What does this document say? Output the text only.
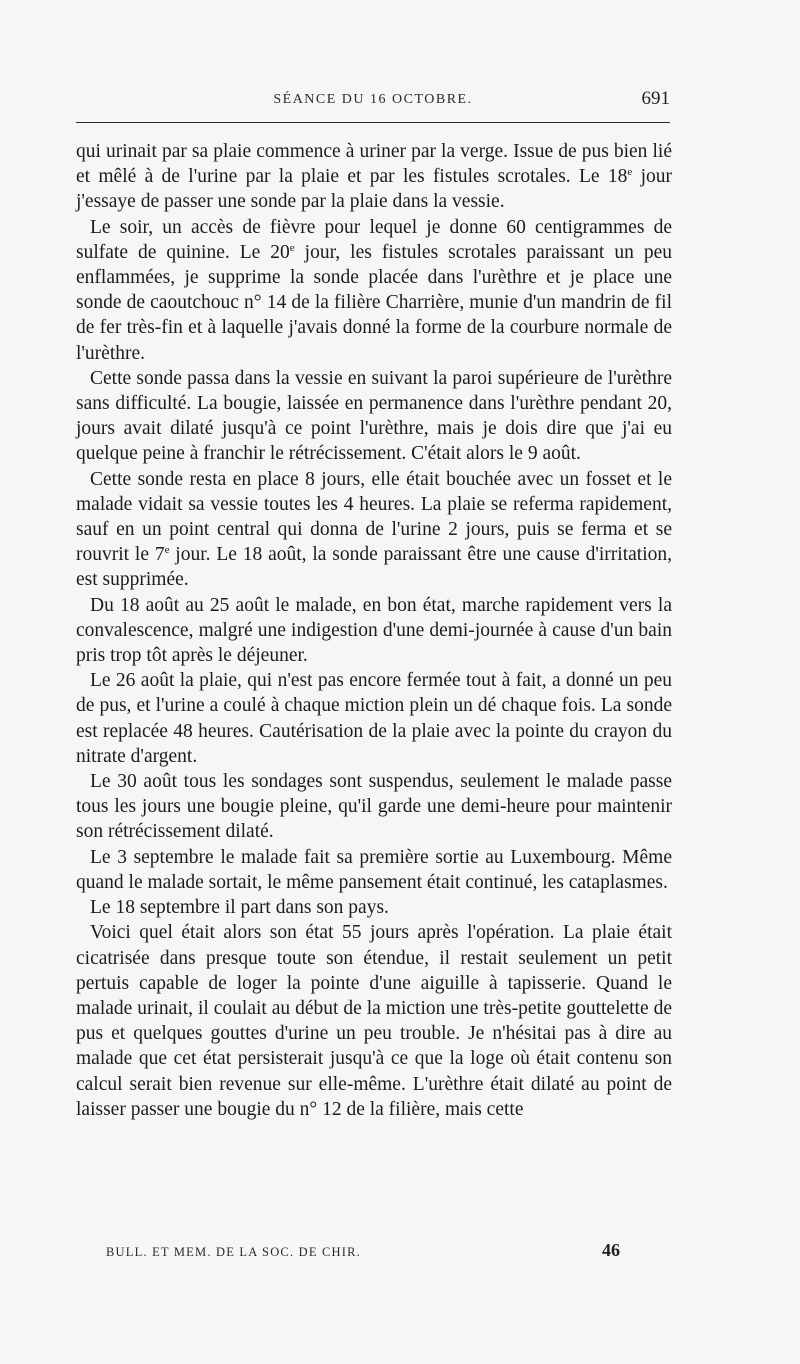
SÉANCE DU 16 OCTOBRE.	691

qui urinait par sa plaie commence à uriner par la verge. Issue de pus bien lié et mêlé à de l'urine par la plaie et par les fistules scrotales. Le 18e jour j'essaye de passer une sonde par la plaie dans la vessie.

Le soir, un accès de fièvre pour lequel je donne 60 centigrammes de sulfate de quinine. Le 20e jour, les fistules scrotales paraissant un peu enflammées, je supprime la sonde placée dans l'urèthre et je place une sonde de caoutchouc n° 14 de la filière Charrière, munie d'un mandrin de fil de fer très-fin et à laquelle j'avais donné la forme de la courbure normale de l'urèthre.

Cette sonde passa dans la vessie en suivant la paroi supérieure de l'urèthre sans difficulté. La bougie, laissée en permanence dans l'urèthre pendant 20, jours avait dilaté jusqu'à ce point l'urèthre, mais je dois dire que j'ai eu quelque peine à franchir le rétrécissement. C'était alors le 9 août.

Cette sonde resta en place 8 jours, elle était bouchée avec un fosset et le malade vidait sa vessie toutes les 4 heures. La plaie se referma rapidement, sauf en un point central qui donna de l'urine 2 jours, puis se ferma et se rouvrit le 7e jour. Le 18 août, la sonde paraissant être une cause d'irritation, est supprimée.

Du 18 août au 25 août le malade, en bon état, marche rapidement vers la convalescence, malgré une indigestion d'une demi-journée à cause d'un bain pris trop tôt après le déjeuner.

Le 26 août la plaie, qui n'est pas encore fermée tout à fait, a donné un peu de pus, et l'urine a coulé à chaque miction plein un dé chaque fois. La sonde est replacée 48 heures. Cautérisation de la plaie avec la pointe du crayon du nitrate d'argent.

Le 30 août tous les sondages sont suspendus, seulement le malade passe tous les jours une bougie pleine, qu'il garde une demi-heure pour maintenir son rétrécissement dilaté.

Le 3 septembre le malade fait sa première sortie au Luxembourg. Même quand le malade sortait, le même pansement était continué, les cataplasmes.

Le 18 septembre il part dans son pays.

Voici quel était alors son état 55 jours après l'opération. La plaie était cicatrisée dans presque toute son étendue, il restait seulement un petit pertuis capable de loger la pointe d'une aiguille à tapisserie. Quand le malade urinait, il coulait au début de la miction une très-petite gouttelette de pus et quelques gouttes d'urine un peu trouble. Je n'hésitai pas à dire au malade que cet état persisterait jusqu'à ce que la loge où était contenu son calcul serait bien revenue sur elle-même. L'urèthre était dilaté au point de laisser passer une bougie du n° 12 de la filière, mais cette

BULL. ET MEM. DE LA SOC. DE CHIR.	46
